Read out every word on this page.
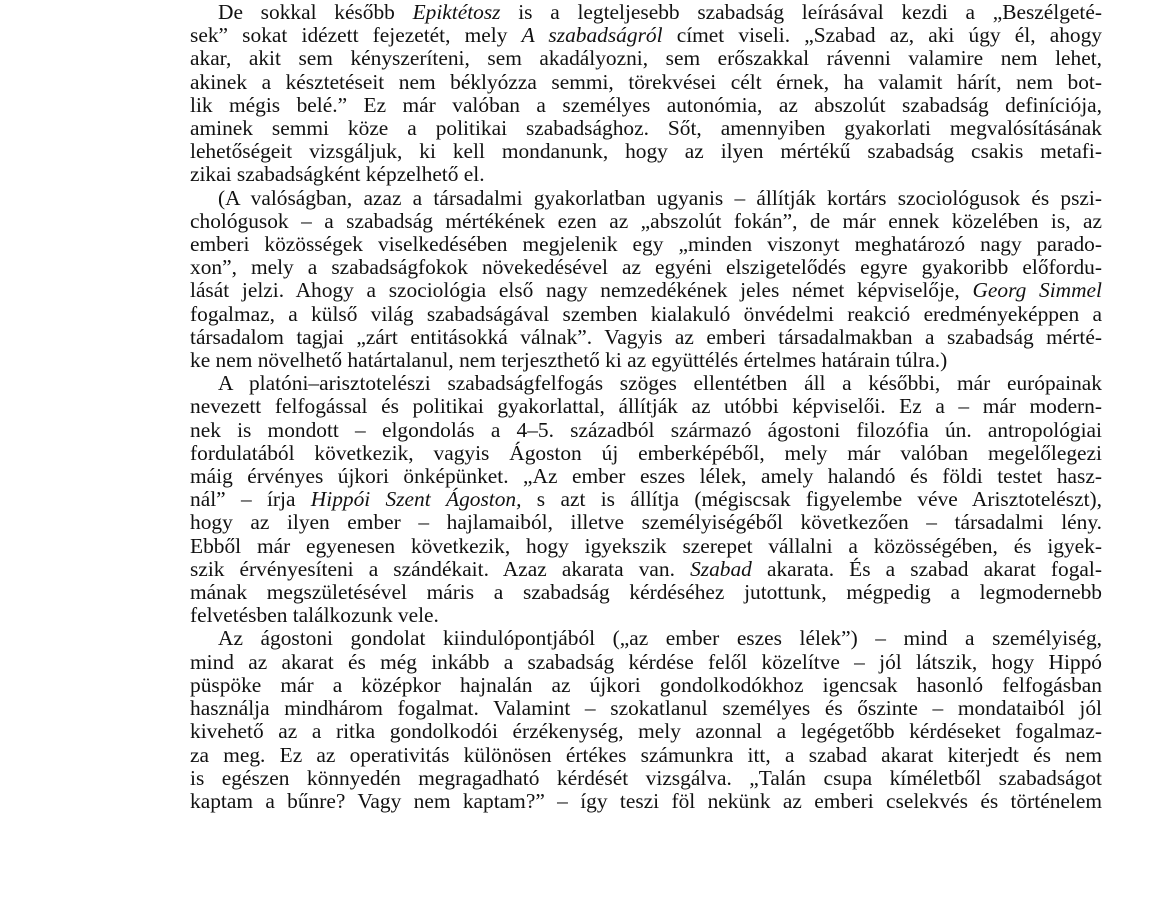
De sokkal később Epiktétosz is a legteljesebb szabadság leírásával kezdi a „Beszélgeté-
sek” sokat idézett fejezetét, mely A szabadságról címet viseli. „Szabad az, aki úgy él, ahogy
akar, akit sem kényszeríteni, sem akadályozni, sem erőszakkal rávenni valamire nem lehet,
akinek a késztetéseit nem béklyózza semmi, törekvései célt érnek, ha valamit hárít, nem bot-
lik mégis belé.” Ez már valóban a személyes autonómia, az abszolút szabadság definíciója,
aminek semmi köze a politikai szabadsághoz. Sőt, amennyiben gyakorlati megvalósításának
lehetőségeit vizsgáljuk, ki kell mondanunk, hogy az ilyen mértékű szabadság csakis metafi-
zikai szabadságként képzelhető el.
(A valóságban, azaz a társadalmi gyakorlatban ugyanis – állítják kortárs szociológusok és pszi-
chológusok – a szabadság mértékének ezen az „abszolút fokán”, de már ennek közelében is, az
emberi közösségek viselkedésében megjelenik egy „minden viszonyt meghatározó nagy parado-
xon”, mely a szabadságfokok növekedésével az egyéni elszigetelődés egyre gyakoribb előfordu-
lását jelzi. Ahogy a szociológia első nagy nemzedékének jeles német képviselője, Georg Simmel
fogalmaz, a külső világ szabadságával szemben kialakuló önvédelmi reakció eredményeképpen a
társadalom tagjai „zárt entitásokká válnak”. Vagyis az emberi társadalmakban a szabadság mérté-
ke nem növelhető határtalanul, nem terjeszthető ki az együttélés értelmes határain túlra.)
A platóni–arisztotelészi szabadságfelfogás szöges ellentétben áll a későbbi, már európainak
nevezett felfogással és politikai gyakorlattal, állítják az utóbbi képviselői. Ez a – már modern-
nek is mondott – elgondolás a 4–5. századból származó ágostoni filozófia ún. antropológiai
fordulatából következik, vagyis Ágoston új emberképéből, mely már valóban megelőlegezi
máig érvényes újkori önképünket. „Az ember eszes lélek, amely halandó és földi testet hasz-
nál” – írja Hippói Szent Ágoston, s azt is állítja (mégiscsak figyelembe véve Arisztotelészt),
hogy az ilyen ember – hajlamaiból, illetve személyiségéből következően – társadalmi lény.
Ebből már egyenesen következik, hogy igyekszik szerepet vállalni a közösségében, és igyek-
szik érvényesíteni a szándékait. Azaz akarata van. Szabad akarata. És a szabad akarat fogal-
mának megszületésével máris a szabadság kérdéséhez jutottunk, mégpedig a legmodernebb
felvetésben találkozunk vele.
Az ágostoni gondolat kiindulópontjából („az ember eszes lélek”) – mind a személyiség,
mind az akarat és még inkább a szabadság kérdése felől közelítve – jól látszik, hogy Hippó
püspöke már a középkor hajnalán az újkori gondolkodókhoz igencsak hasonló felfogásban
használja mindhárom fogalmat. Valamint – szokatlanul személyes és őszinte – mondataiból jól
kivehető az a ritka gondolkodói érzékenység, mely azonnal a legégetőbb kérdéseket fogalmaz-
za meg. Ez az operativitás különösen értékes számunkra itt, a szabad akarat kiterjedt és nem
is egészen könnyedén megragadható kérdését vizsgálva. „Talán csupa kíméletből szabadságot
kaptam a bűnre? Vagy nem kaptam?” – így teszi föl nekünk az emberi cselekvés és történelem
